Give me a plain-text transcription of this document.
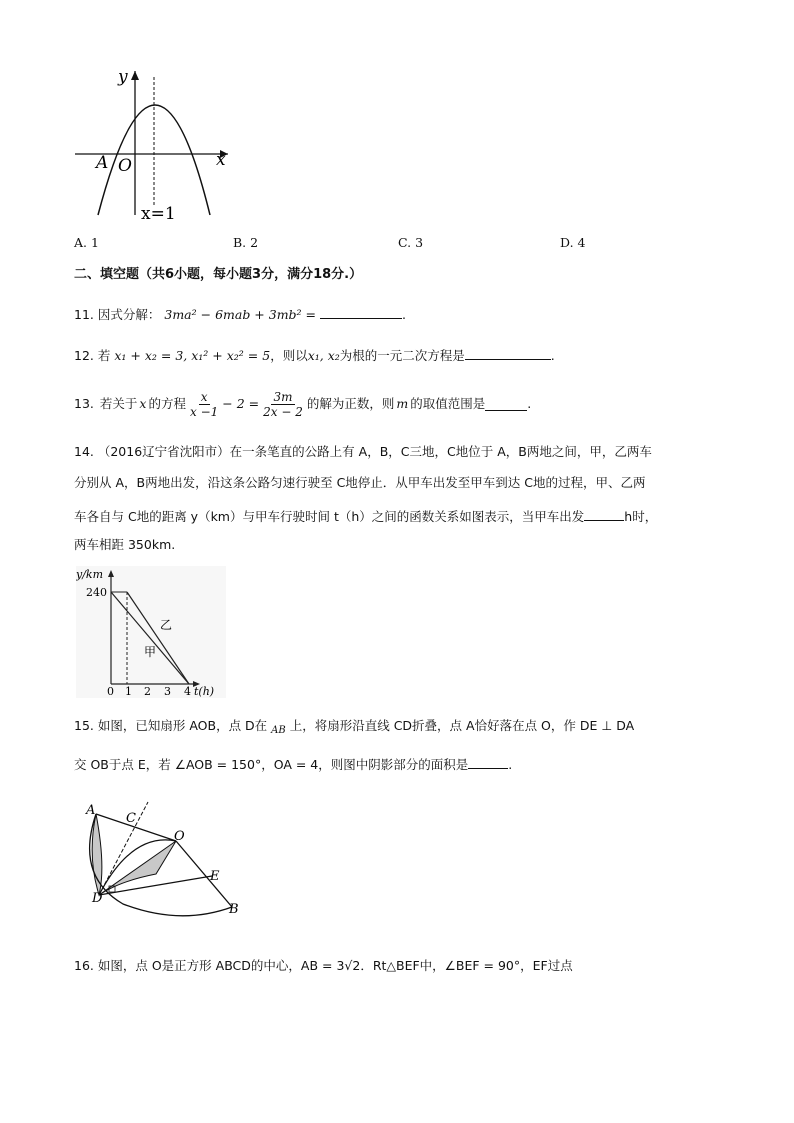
y
x
A O
x=1
A. 1	B. 2	C. 3	D. 4
二、填空题（共6小题，每小题3分，满分18分.）
11. 因式分解： 3ma² − 6mab + 3mb² =	.
12. 若 x₁ + x₂ = 3, x₁² + x₂² = 5，则以x₁, x₂为根的一元二次方程是	.
13. 若关于 x 的方程 $\frac{x}{x -1} - 2 = \frac{3m}{2x - 2}$ 的解为正数，则 m 的取值范围是	.
14. （2016辽宁省沈阳市）在一条笔直的公路上有 A，B，C三地，C地位于 A，B两地之间，甲，乙两车
分别从 A，B两地出发，沿这条公路匀速行驶至 C地停止．从甲车出发至甲车到达 C地的过程，甲、乙两
车各自与 C地的距离 y（km）与甲车行驶时间 t（h）之间的函数关系如图表示，当甲车出发	h时，
两车相距 350km.
y/km
240
乙
甲
0 1 2 3 4 t(h)
15. 如图，已知扇形 AOB，点 D在 $_{AB}$ 上，将扇形沿直线 CD折叠，点 A恰好落在点 O，作 DE ⊥ DA
交 OB于点 E，若 ∠AOB = 150°，OA = 4，则图中阴影部分的面积是	.
A
C
O
E
D
B
16. 如图，点 O是正方形 ABCD的中心，AB = 3√2．Rt△BEF中，∠BEF = 90°，EF过点
